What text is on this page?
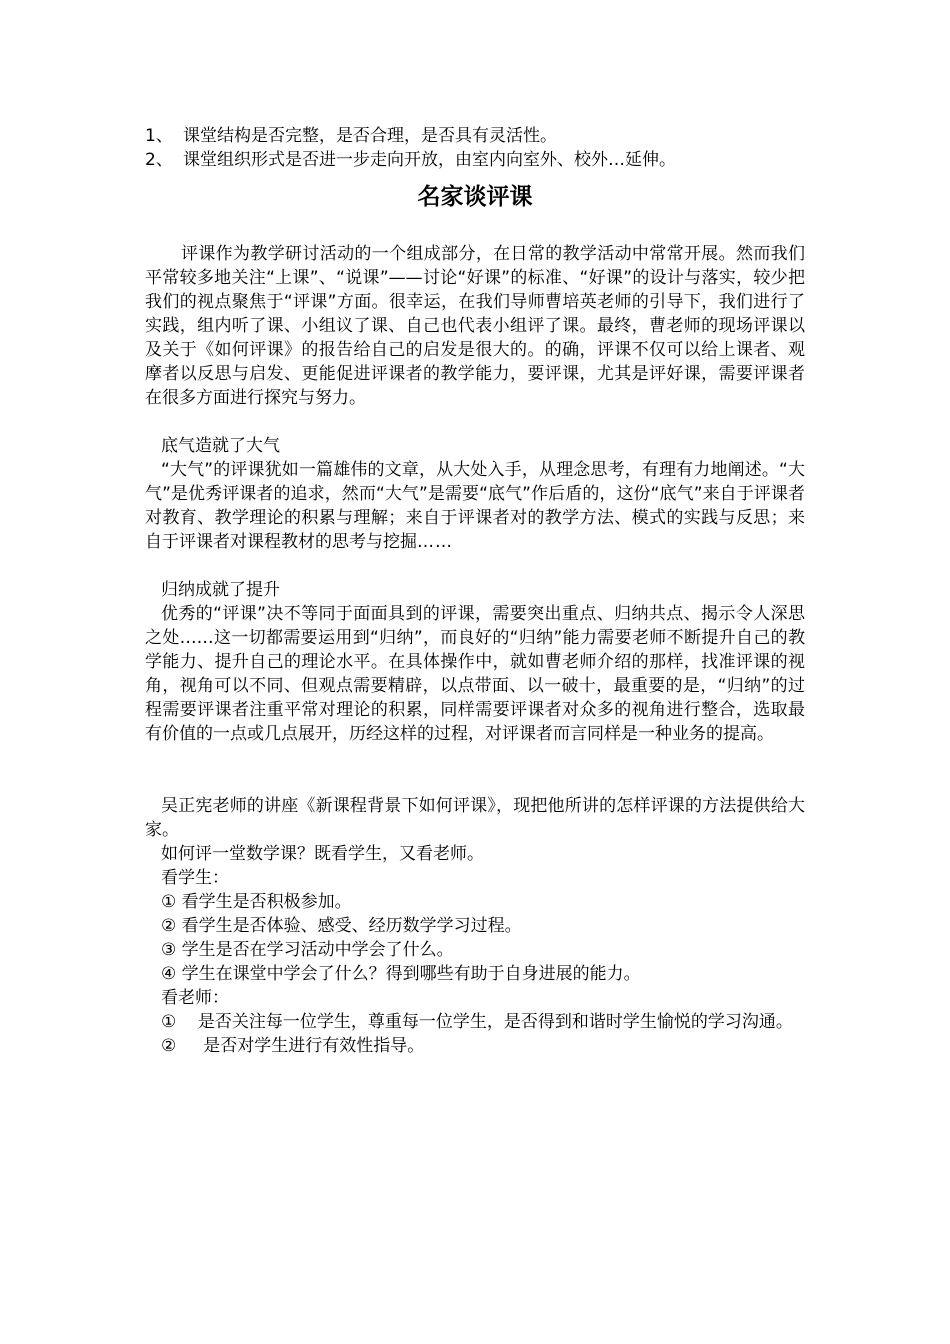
1、 课堂结构是否完整，是否合理，是否具有灵活性。
2、 课堂组织形式是否进一步走向开放，由室内向室外、校外…延伸。
名家谈评课

评课作为教学研讨活动的一个组成部分，在日常的教学活动中常常开展。然而我们平常较多地关注“上课”、“说课”——讨论“好课”的标准、“好课”的设计与落实，较少把我们的视点聚焦于“评课”方面。很幸运，在我们导师曹培英老师的引导下，我们进行了实践，组内听了课、小组议了课、自己也代表小组评了课。最终，曹老师的现场评课以及关于《如何评课》的报告给自己的启发是很大的。的确，评课不仅可以给上课者、观摩者以反思与启发、更能促进评课者的教学能力，要评课，尤其是评好课，需要评课者在很多方面进行探究与努力。

底气造就了大气

“大气”的评课犹如一篇雄伟的文章，从大处入手，从理念思考，有理有力地阐述。“大气”是优秀评课者的追求，然而“大气”是需要“底气”作后盾的，这份“底气”来自于评课者对教育、教学理论的积累与理解；来自于评课者对的教学方法、模式的实践与反思；来自于评课者对课程教材的思考与挖掘……

归纳成就了提升

优秀的“评课”决不等同于面面具到的评课，需要突出重点、归纳共点、揭示令人深思之处……这一切都需要运用到“归纳”，而良好的“归纳”能力需要老师不断提升自己的教学能力、提升自己的理论水平。在具体操作中，就如曹老师介绍的那样，找准评课的视角，视角可以不同、但观点需要精辟，以点带面、以一破十，最重要的是，“归纳”的过程需要评课者注重平常对理论的积累，同样需要评课者对众多的视角进行整合，选取最有价值的一点或几点展开，历经这样的过程，对评课者而言同样是一种业务的提高。

吴正宪老师的讲座《新课程背景下如何评课》，现把他所讲的怎样评课的方法提供给大家。

如何评一堂数学课？既看学生，又看老师。
看学生：
① 看学生是否积极参加。
② 看学生是否体验、感受、经历数学学习过程。
③ 学生是否在学习活动中学会了什么。
④ 学生在课堂中学会了什么？得到哪些有助于自身进展的能力。
看老师：

① 是否关注每一位学生，尊重每一位学生，是否得到和谐时学生愉悦的学习沟通。

② 是否对学生进行有效性指导。
